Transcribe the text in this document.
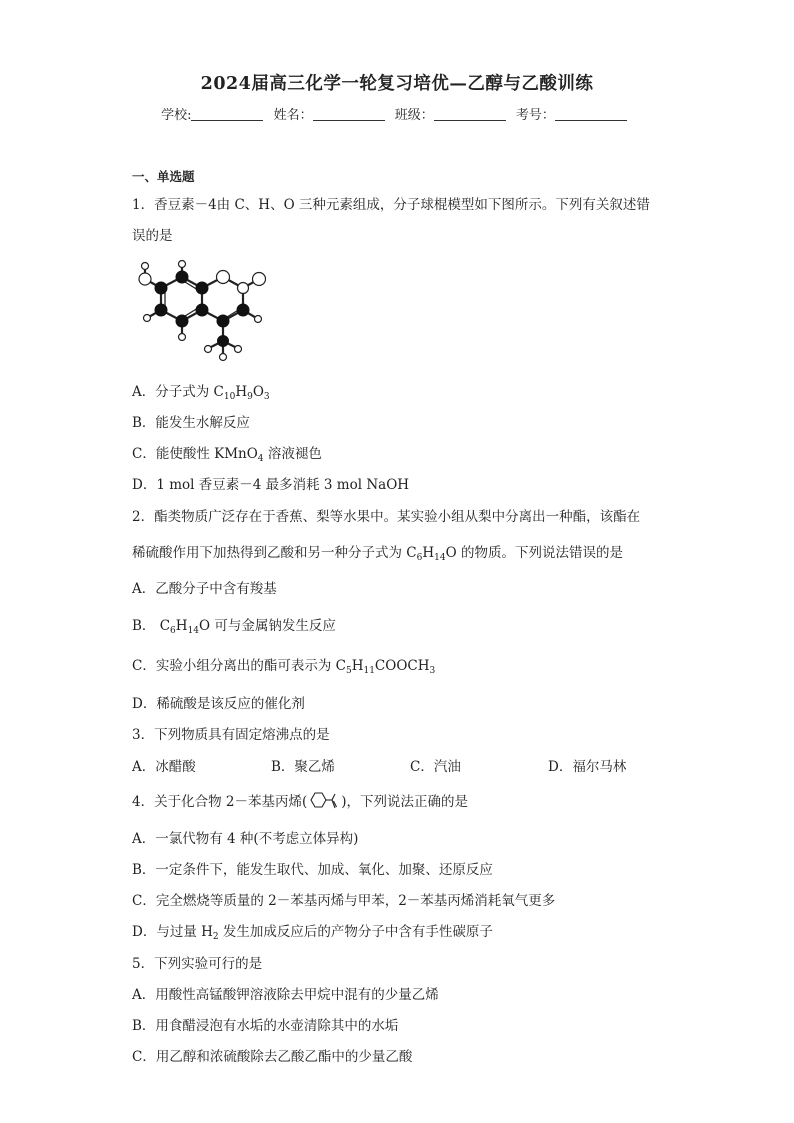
2024届高三化学一轮复习培优—乙醇与乙酸训练
学校:	姓名：	班级：	考号：
一、单选题
1．香豆素－4由 C、H、O 三种元素组成，分子球棍模型如下图所示。下列有关叙述错
误的是
A．分子式为 $C_{10}H_9O_3$
B．能发生水解反应
C．能使酸性 KMnO$_4$ 溶液褪色
D．1 mol 香豆素－4 最多消耗 3 mol NaOH
2．酯类物质广泛存在于香蕉、梨等水果中。某实验小组从梨中分离出一种酯，该酯在
稀硫酸作用下加热得到乙酸和另一种分子式为 $C_6H_{14}O$ 的物质。下列说法错误的是
A．乙酸分子中含有羧基
B． $C_6H_{14}O$ 可与金属钠发生反应
C．实验小组分离出的酯可表示为 $C_5H_{11}COOCH_3$
D．稀硫酸是该反应的催化剂
3．下列物质具有固定熔沸点的是
A．冰醋酸	B．聚乙烯	C．汽油	D．福尔马林
4．关于化合物 2－苯基丙烯(	)，下列说法正确的是
A．一氯代物有 4 种(不考虑立体异构)
B．一定条件下，能发生取代、加成、氧化、加聚、还原反应
C．完全燃烧等质量的 2－苯基丙烯与甲苯，2－苯基丙烯消耗氧气更多
D．与过量 $H_2$ 发生加成反应后的产物分子中含有手性碳原子
5．下列实验可行的是
A．用酸性高锰酸钾溶液除去甲烷中混有的少量乙烯
B．用食醋浸泡有水垢的水壶清除其中的水垢
C．用乙醇和浓硫酸除去乙酸乙酯中的少量乙酸
